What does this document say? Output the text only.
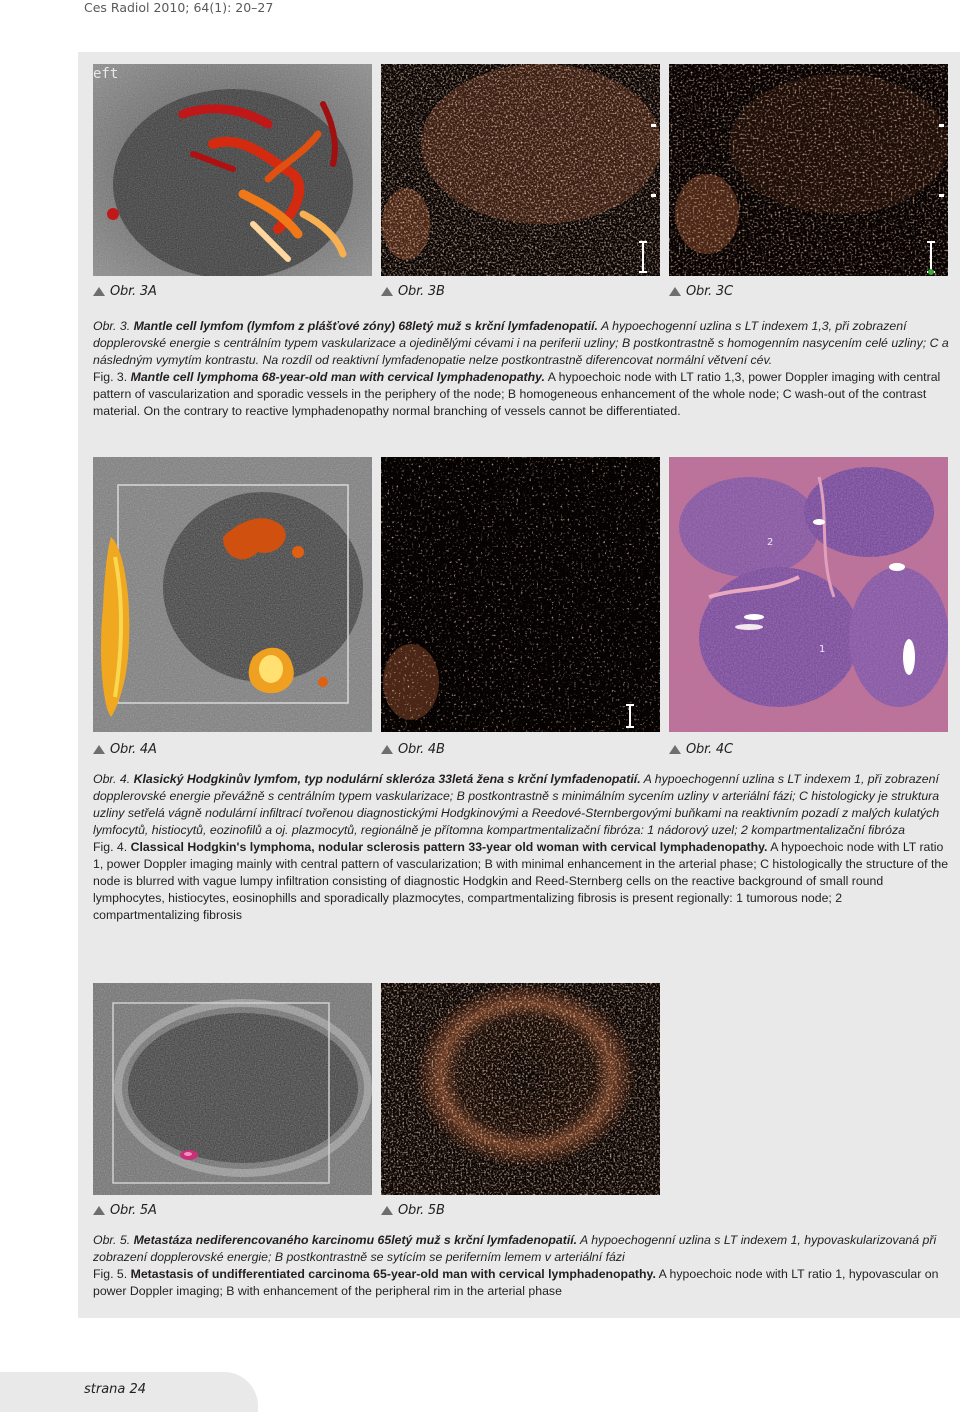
Ces Radiol 2010; 64(1): 20–27
eft
Obr. 3A	Obr. 3B	Obr. 3C

Obr. 3. Mantle cell lymfom (lymfom z plášťové zóny) 68letý muž s krční lymfadenopatií. A hypoechogenní uzlina s LT indexem 1,3, při zobrazení dopplerovské energie s centrálním typem vaskularizace a ojedinělými cévami i na periferii uzliny; B postkontrastně s homogenním nasycením celé uzliny; C a následným vymytím kontrastu. Na rozdíl od reaktivní lymfadenopatie nelze postkontrastně diferencovat normální větvení cév.

Fig. 3. Mantle cell lymphoma 68-year-old man with cervical lymphadenopathy. A hypoechoic node with LT ratio 1,3, power Doppler imaging with central pattern of vascularization and sporadic vessels in the periphery of the node; B homogeneous enhancement of the whole node; C wash-out of the contrast material. On the contrary to reactive lymphadenopathy normal branching of vessels cannot be differentiated.

2
1
Obr. 4A	Obr. 4B	Obr. 4C

Obr. 4. Klasický Hodgkinův lymfom, typ nodulární skleróza 33letá žena s krční lymfadenopatií. A hypoechogenní uzlina s LT indexem 1, při zobrazení dopplerovské energie převážně s centrálním typem vaskularizace; B postkontrastně s minimálním sycením uzliny v arteriální fázi; C histologicky je struktura uzliny setřelá vágně nodulární infiltrací tvořenou diagnostickými Hodgkinovými a Reedové-Sternbergovými buňkami na reaktivním pozadí z malých kulatých lymfocytů, histiocytů, eozinofilů a oj. plazmocytů, regionálně je přítomna kompartmentalizační fibróza: 1 nádorový uzel; 2 kompartmentalizační fibróza

Fig. 4. Classical Hodgkin's lymphoma, nodular sclerosis pattern 33-year old woman with cervical lymphadenopathy. A hypoechoic node with LT ratio 1, power Doppler imaging mainly with central pattern of vascularization; B with minimal enhancement in the arterial phase; C histologically the structure of the node is blurred with vague lumpy infiltration consisting of diagnostic Hodgkin and Reed-Sternberg cells on the reactive background of small round lymphocytes, histiocytes, eosinophills and sporadically plazmocytes, compartmentalizing fibrosis is present regionally: 1 tumorous node; 2 compartmentalizing fibrosis

Obr. 5A	Obr. 5B

Obr. 5. Metastáza nediferencovaného karcinomu 65letý muž s krční lymfadenopatií. A hypoechogenní uzlina s LT indexem 1, hypovaskularizovaná při zobrazení dopplerovské energie; B postkontrastně se sytícím se periferním lemem v arteriální fázi

Fig. 5. Metastasis of undifferentiated carcinoma 65-year-old man with cervical lymphadenopathy. A hypoechoic node with LT ratio 1, hypovascular on power Doppler imaging; B with enhancement of the peripheral rim in the arterial phase

strana 24
